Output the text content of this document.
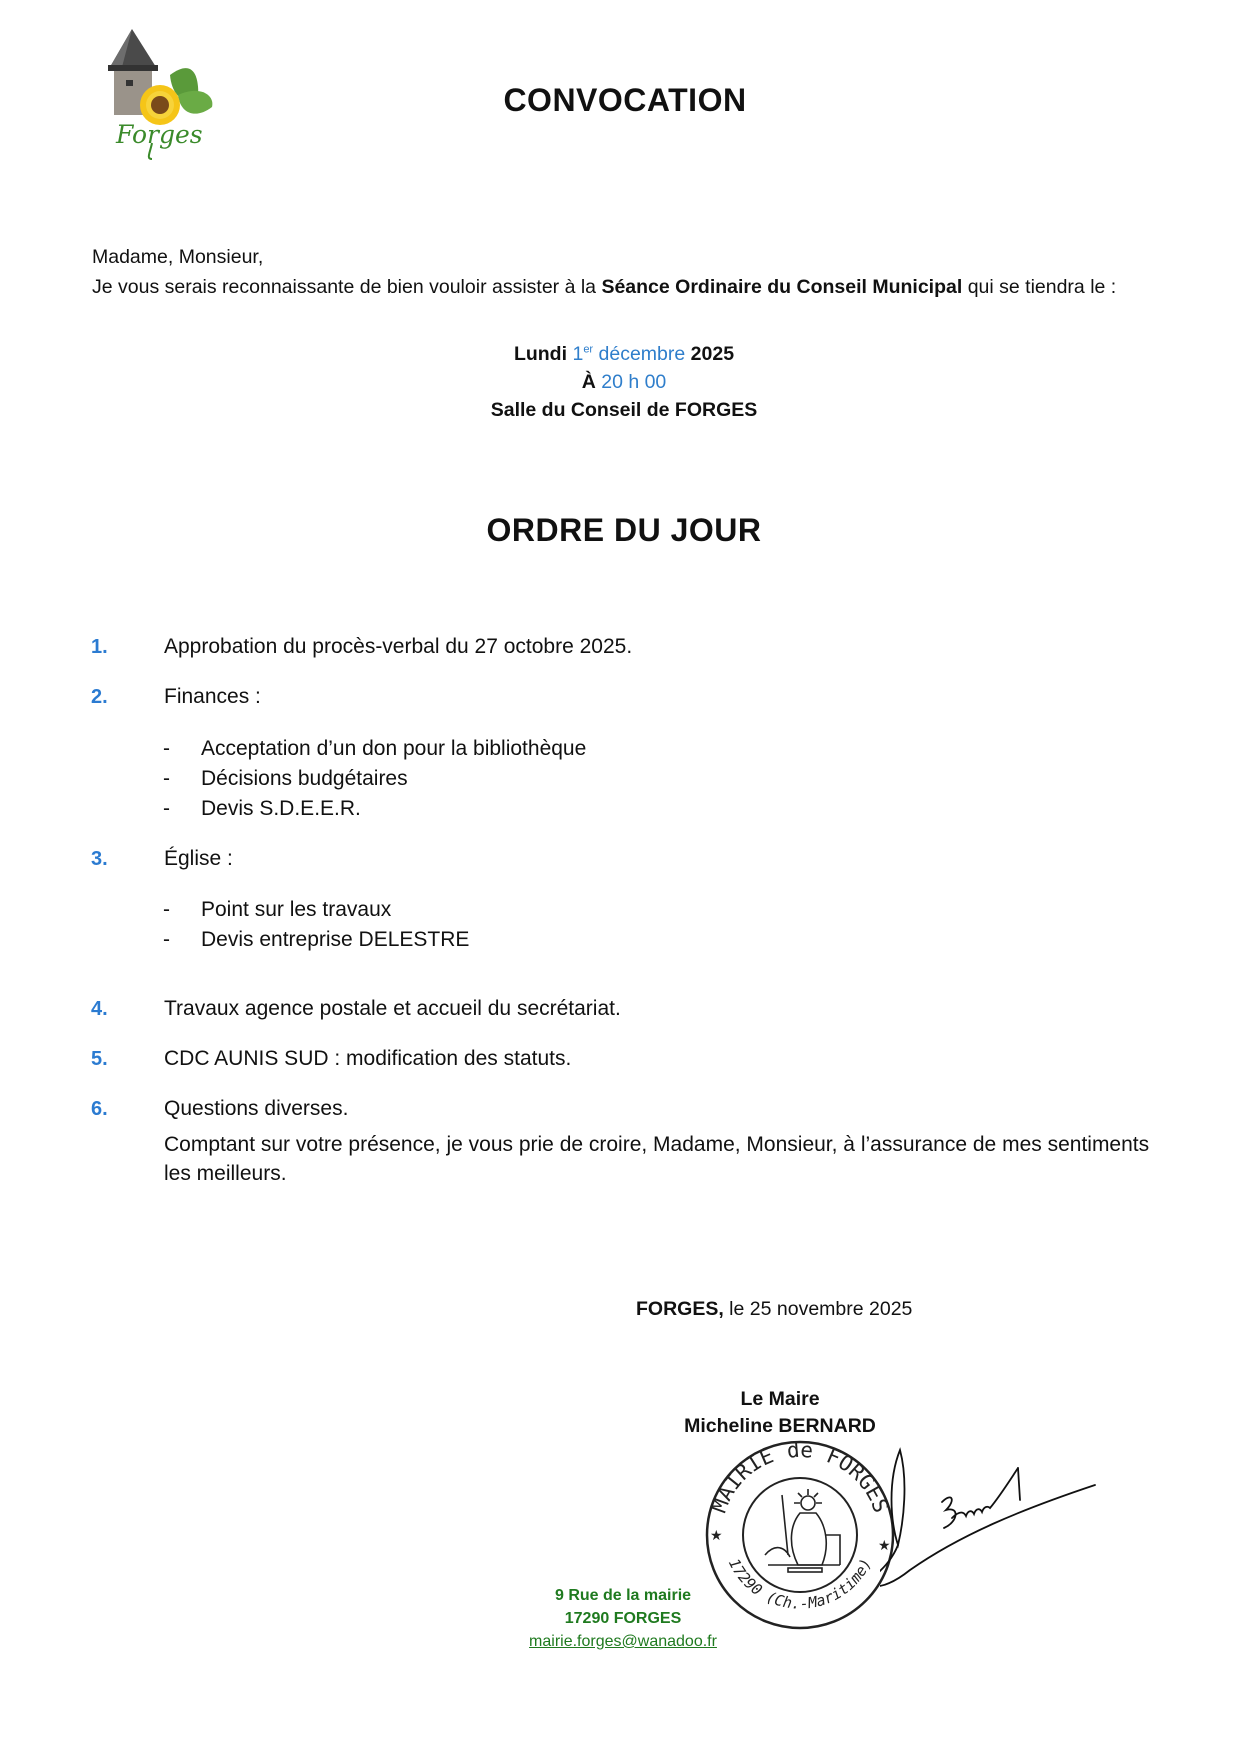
Forges
CONVOCATION
Madame, Monsieur,
Je vous serais reconnaissante de bien vouloir assister à la Séance Ordinaire du Conseil Municipal qui se tiendra le :
Lundi 1er décembre 2025
À 20 h 00
Salle du Conseil de FORGES
ORDRE DU JOUR
1.	Approbation du procès-verbal du 27 octobre 2025.
2.	Finances :
- Acceptation d’un don pour la bibliothèque
- Décisions budgétaires
- Devis S.D.E.E.R.
3.	Église :
- Point sur les travaux
- Devis entreprise DELESTRE
4.	Travaux agence postale et accueil du secrétariat.
5.	CDC AUNIS SUD : modification des statuts.
6.	Questions diverses.
Comptant sur votre présence, je vous prie de croire, Madame, Monsieur, à l’assurance de mes sentiments les meilleurs.
FORGES, le 25 novembre 2025
Le Maire
Micheline BERNARD
MAIRIE de FORGES
17290 (Ch.-Maritime)
★
★
9 Rue de la mairie
17290 FORGES
mairie.forges@wanadoo.fr
